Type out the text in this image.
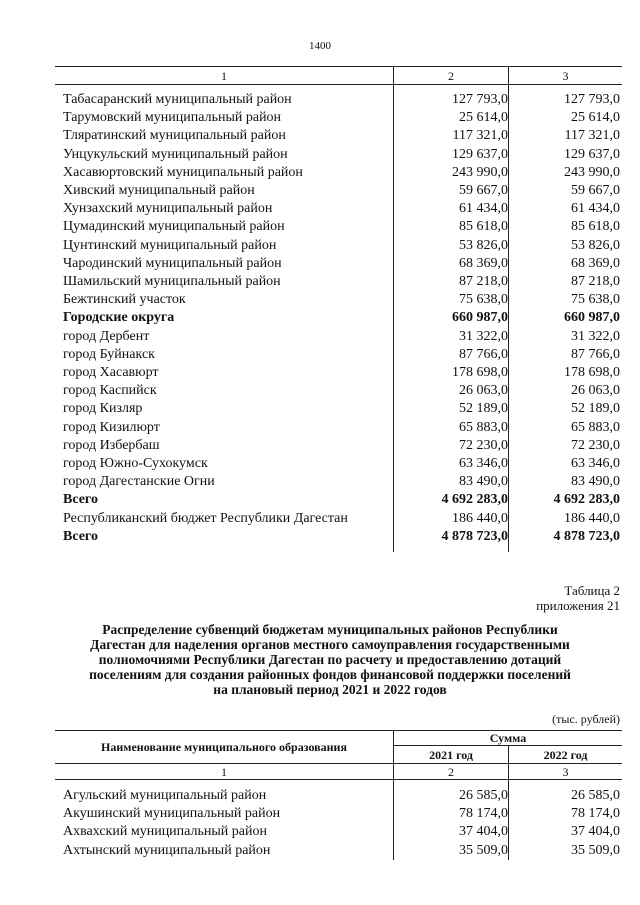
1400
1	2	3
Табасаранский муниципальный район	127 793,0	127 793,0
Тарумовский муниципальный район	25 614,0	25 614,0
Тляратинский муниципальный район	117 321,0	117 321,0
Унцукульский муниципальный район	129 637,0	129 637,0
Хасавюртовский муниципальный район	243 990,0	243 990,0
Хивский муниципальный район	59 667,0	59 667,0
Хунзахский муниципальный район	61 434,0	61 434,0
Цумадинский муниципальный район	85 618,0	85 618,0
Цунтинский муниципальный район	53 826,0	53 826,0
Чародинский муниципальный район	68 369,0	68 369,0
Шамильский муниципальный район	87 218,0	87 218,0
Бежтинский участок	75 638,0	75 638,0
Городские округа	660 987,0	660 987,0
город Дербент	31 322,0	31 322,0
город Буйнакск	87 766,0	87 766,0
город Хасавюрт	178 698,0	178 698,0
город Каспийск	26 063,0	26 063,0
город Кизляр	52 189,0	52 189,0
город Кизилюрт	65 883,0	65 883,0
город Избербаш	72 230,0	72 230,0
город Южно-Сухокумск	63 346,0	63 346,0
город Дагестанские Огни	83 490,0	83 490,0
Всего	4 692 283,0	4 692 283,0
Республиканский бюджет Республики Дагестан	186 440,0	186 440,0
Всего	4 878 723,0	4 878 723,0
Таблица 2
приложения 21
Распределение субвенций бюджетам муниципальных районов Республики
Дагестан для наделения органов местного самоуправления государственными
полномочиями Республики Дагестан по расчету и предоставлению дотаций
поселениям для создания районных фондов финансовой поддержки поселений
на плановый период 2021 и 2022 годов
(тыс. рублей)
Наименование муниципального образования
Сумма
2021 год	2022 год
1	2	3
Агульский муниципальный район	26 585,0	26 585,0
Акушинский муниципальный район	78 174,0	78 174,0
Ахвахский муниципальный район	37 404,0	37 404,0
Ахтынский муниципальный район	35 509,0	35 509,0
